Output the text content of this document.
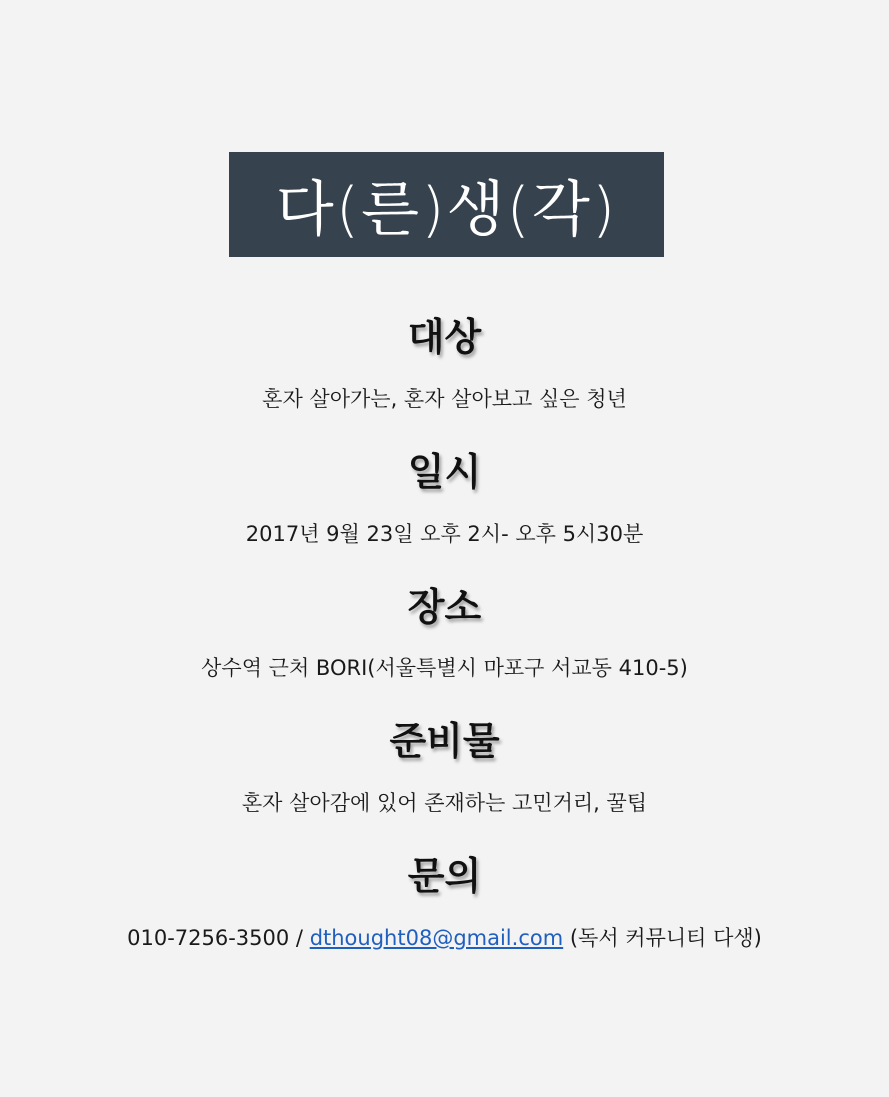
다(른)생(각)
대상
혼자 살아가는, 혼자 살아보고 싶은 청년
일시
2017년 9월 23일 오후 2시- 오후 5시30분
장소
상수역 근처 BORI(서울특별시 마포구 서교동 410-5)
준비물
혼자 살아감에 있어 존재하는 고민거리, 꿀팁
문의
010-7256-3500 / dthought08@gmail.com (독서 커뮤니티 다생)
